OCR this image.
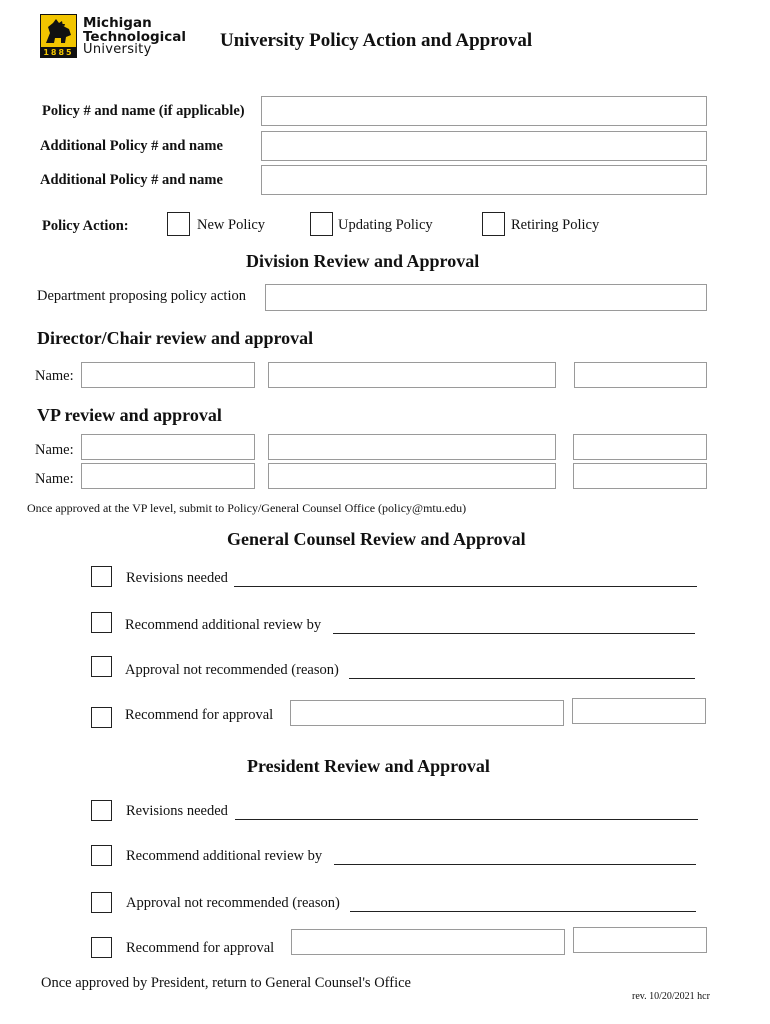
1885
Michigan
Technological
University	University Policy Action and Approval
Policy # and name (if applicable)
Additional Policy # and name
Additional Policy # and name
Policy Action:	New Policy	Updating Policy	Retiring Policy
Division Review and Approval
Department proposing policy action
Director/Chair review and approval
Name:
VP review and approval
Name:
Name:
Once approved at the VP level, submit to Policy/General Counsel Office (policy@mtu.edu)
General Counsel Review and Approval
Revisions needed
Recommend additional review by
Approval not recommended (reason)
Recommend for approval
President Review and Approval
Revisions needed
Recommend additional review by
Approval not recommended (reason)
Recommend for approval
Once approved by President, return to General Counsel's Office
rev. 10/20/2021 hcr
